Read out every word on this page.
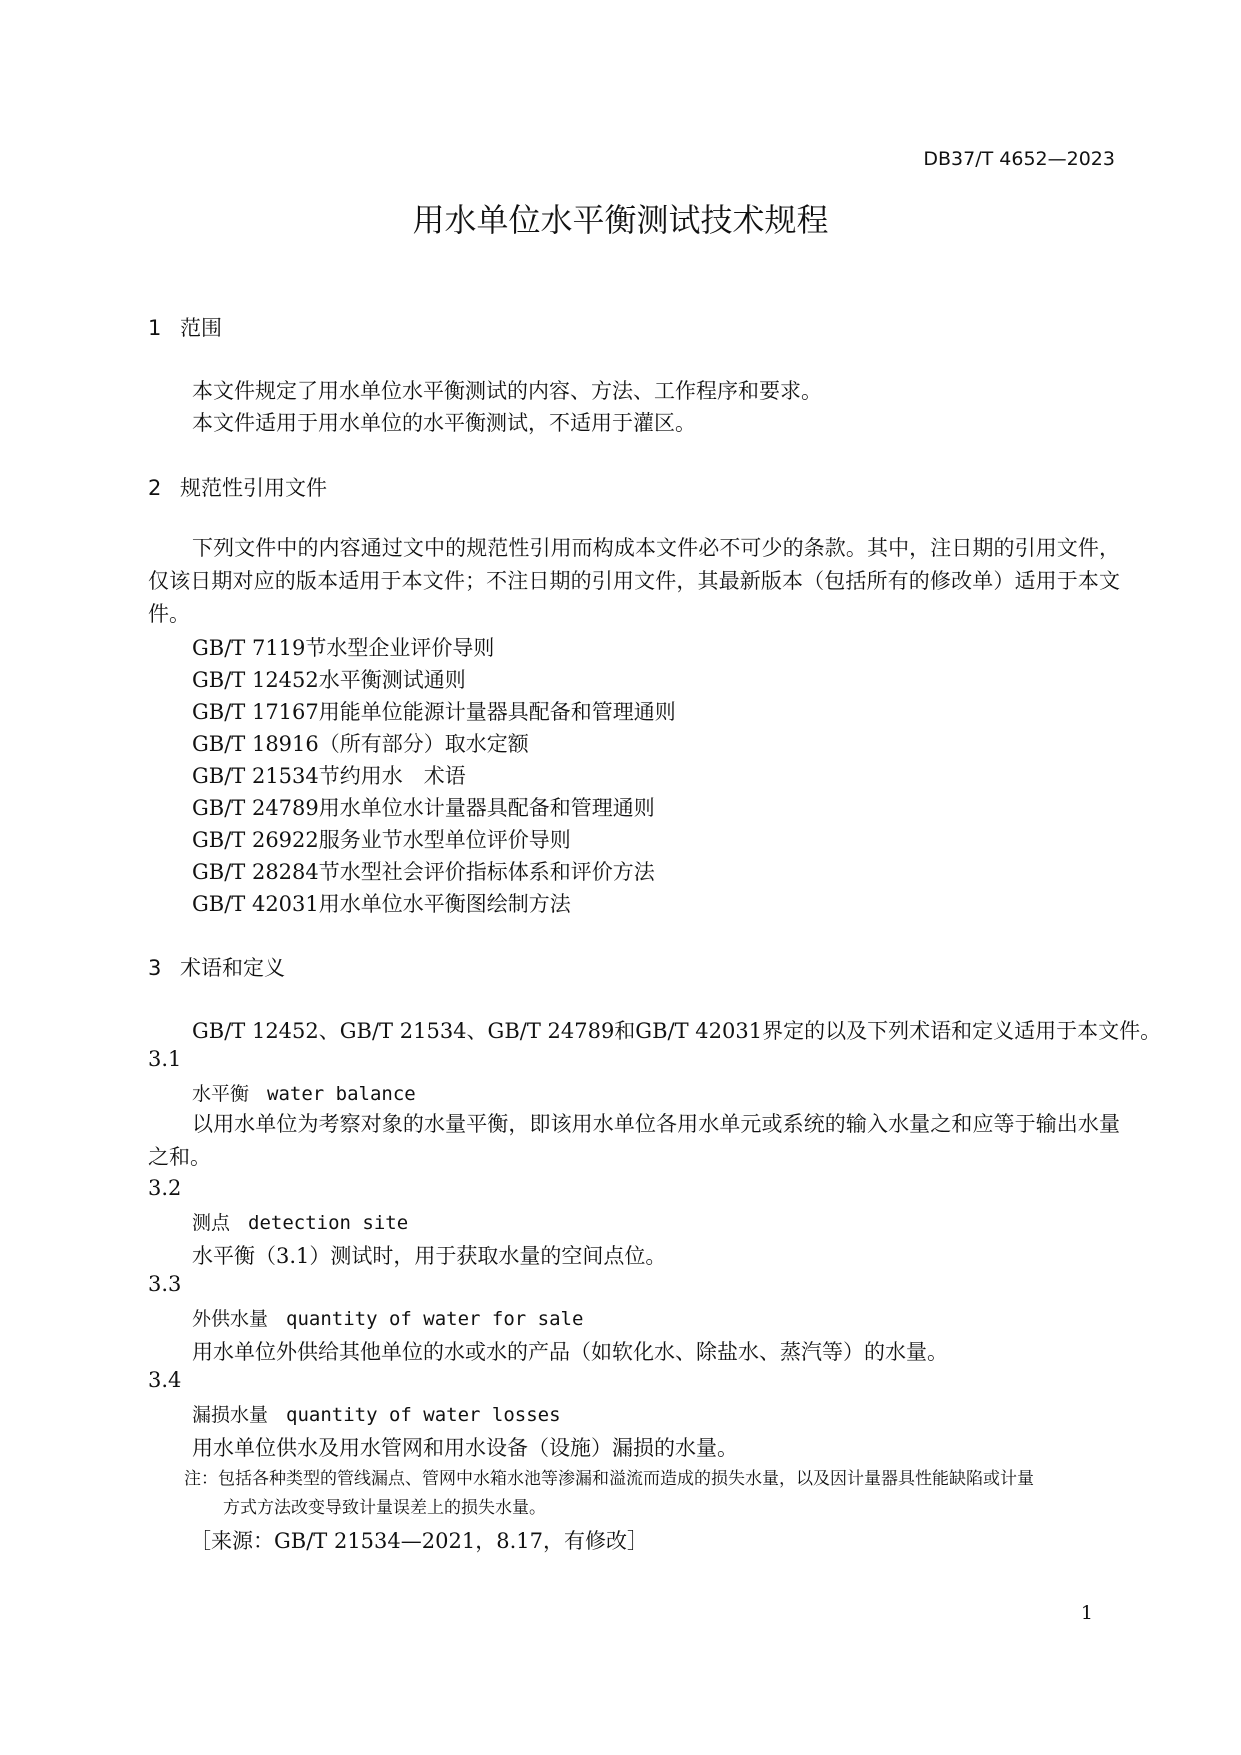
DB37/T 4652—2023
用水单位水平衡测试技术规程
1 范围
本文件规定了用水单位水平衡测试的内容、方法、工作程序和要求。
本文件适用于用水单位的水平衡测试，不适用于灌区。
2 规范性引用文件
下列文件中的内容通过文中的规范性引用而构成本文件必不可少的条款。其中，注日期的引用文件，仅该日期对应的版本适用于本文件；不注日期的引用文件，其最新版本（包括所有的修改单）适用于本文件。
GB/T 7119节水型企业评价导则
GB/T 12452水平衡测试通则
GB/T 17167用能单位能源计量器具配备和管理通则
GB/T 18916（所有部分）取水定额
GB/T 21534节约用水　术语
GB/T 24789用水单位水计量器具配备和管理通则
GB/T 26922服务业节水型单位评价导则
GB/T 28284节水型社会评价指标体系和评价方法
GB/T 42031用水单位水平衡图绘制方法
3 术语和定义
GB/T 12452、GB/T 21534、GB/T 24789和GB/T 42031界定的以及下列术语和定义适用于本文件。
3.1
水平衡 water balance
以用水单位为考察对象的水量平衡，即该用水单位各用水单元或系统的输入水量之和应等于输出水量之和。
3.2
测点 detection site
水平衡（3.1）测试时，用于获取水量的空间点位。
3.3
外供水量 quantity of water for sale
用水单位外供给其他单位的水或水的产品（如软化水、除盐水、蒸汽等）的水量。
3.4
漏损水量 quantity of water losses
用水单位供水及用水管网和用水设备（设施）漏损的水量。
注：包括各种类型的管线漏点、管网中水箱水池等渗漏和溢流而造成的损失水量，以及因计量器具性能缺陷或计量
方式方法改变导致计量误差上的损失水量。
［来源：GB/T 21534—2021，8.17，有修改］
1
